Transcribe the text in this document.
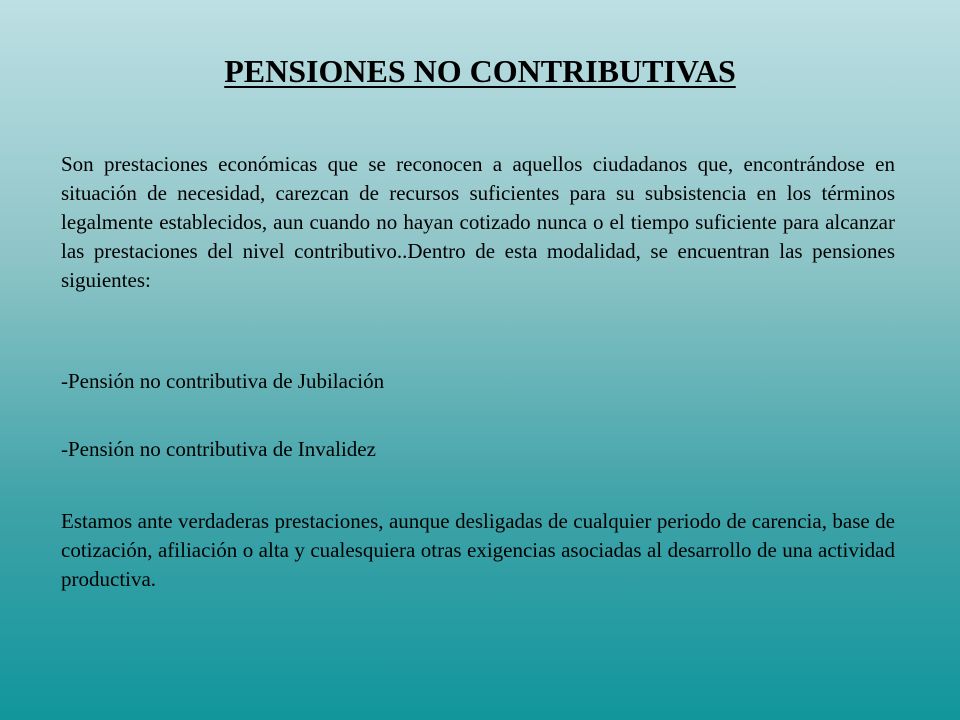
PENSIONES NO CONTRIBUTIVAS

Son prestaciones económicas que se reconocen a aquellos ciudadanos que, encontrándose en situación de necesidad, carezcan de recursos suficientes para su subsistencia en los términos legalmente establecidos, aun cuando no hayan cotizado nunca o el tiempo suficiente para alcanzar las prestaciones del nivel contributivo..Dentro de esta modalidad, se encuentran las pensiones siguientes:

-Pensión no contributiva de Jubilación

-Pensión no contributiva de Invalidez

Estamos ante verdaderas prestaciones, aunque desligadas de cualquier periodo de carencia, base de cotización, afiliación o alta y cualesquiera otras exigencias asociadas al desarrollo de una actividad productiva.
